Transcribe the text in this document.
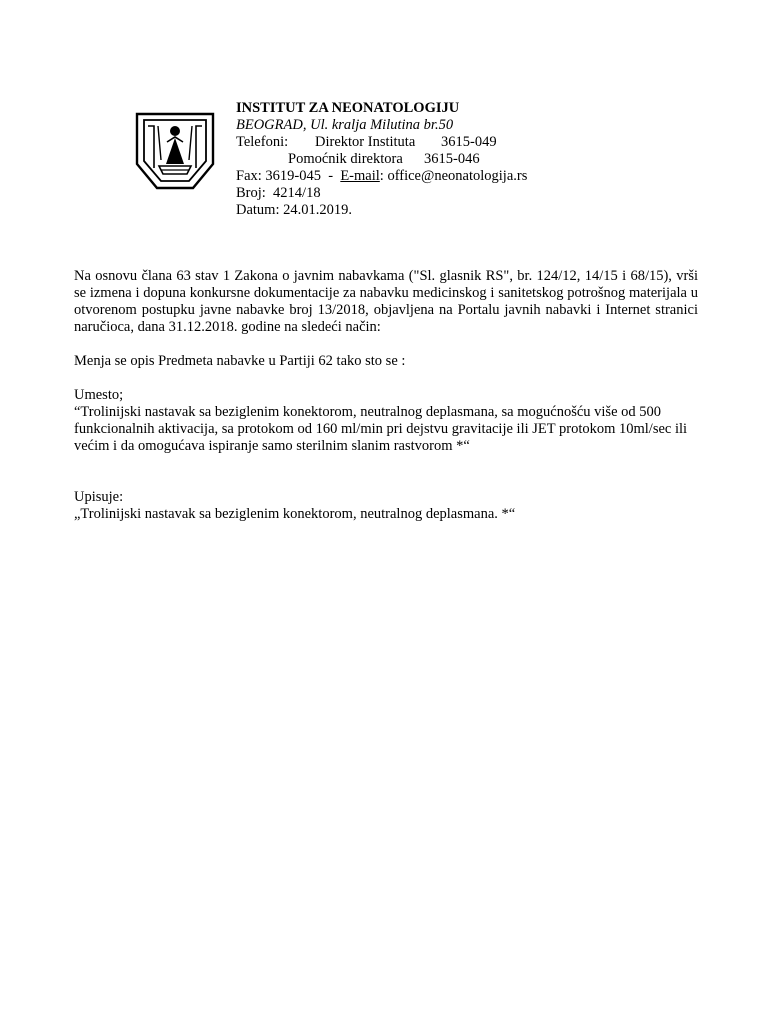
INSTITUT ZA NEONATOLOGIJU
BEOGRAD, Ul. kralja Milutina br.50
Telefoni:	Direktor Instituta	3615-049
Pomoćnik direktora	3615-046
Fax: 3619-045 - E-mail: office@neonatologija.rs
Broj:  4214/18
Datum: 24.01.2019.

Na osnovu člana 63 stav 1 Zakona o javnim nabavkama ("Sl. glasnik RS", br. 124/12, 14/15 i 68/15), vrši se izmena i dopuna konkursne dokumentacije za nabavku medicinskog i sanitetskog potrošnog materijala u otvorenom postupku javne nabavke broj 13/2018, objavljena na Portalu javnih nabavki i Internet stranici naručioca, dana 31.12.2018. godine na sledeći način:

Menja se opis Predmeta nabavke u Partiji 62 tako sto se :

Umesto;

“Trolinijski nastavak sa beziglenim konektorom, neutralnog deplasmana, sa mogućnošću više od 500 funkcionalnih aktivacija, sa protokom od 160 ml/min pri dejstvu gravitacije ili JET protokom 10ml/sec ili većim i da omogućava ispiranje samo sterilnim slanim rastvorom *“

Upisuje:

„Trolinijski nastavak sa beziglenim konektorom, neutralnog deplasmana. *“
